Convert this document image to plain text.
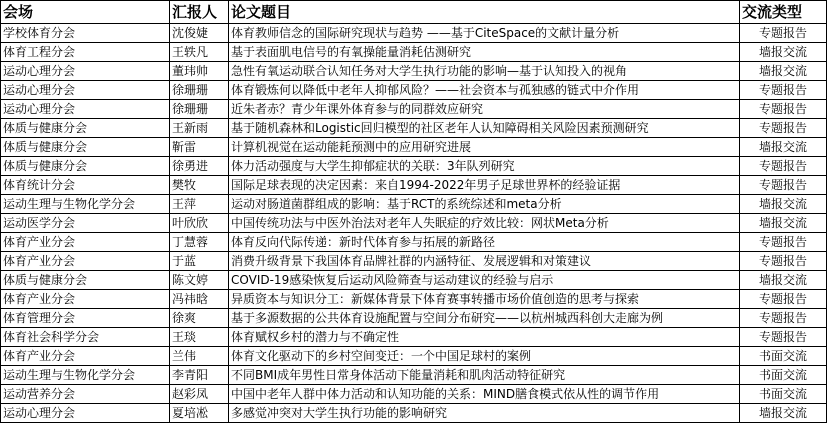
会场	汇报人	论文题目	交流类型
学校体育分会	沈俊婕	体育教师信念的国际研究现状与趋势 ——基于CiteSpace的文献计量分析	专题报告
体育工程分会	王轶凡	基于表面肌电信号的有氧操能量消耗估测研究	墙报交流
运动心理分会	董玮帅	急性有氧运动联合认知任务对大学生执行功能的影响—基于认知投入的视角	墙报交流
运动心理分会	徐珊珊	体育锻炼何以降低中老年人抑郁风险？——社会资本与孤独感的链式中介作用	专题报告
运动心理分会	徐珊珊	近朱者赤？青少年课外体育参与的同群效应研究	专题报告
体质与健康分会	王新雨	基于随机森林和Logistic回归模型的社区老年人认知障碍相关风险因素预测研究	专题报告
体质与健康分会	靳雷	计算机视觉在运动能耗预测中的应用研究进展	墙报交流
体质与健康分会	徐勇进	体力活动强度与大学生抑郁症状的关联：3年队列研究	专题报告
体育统计分会	樊牧	国际足球表现的决定因素：来自1994-2022年男子足球世界杯的经验证据	专题报告
运动生理与生物化学分会	王萍	运动对肠道菌群组成的影响：基于RCT的系统综述和meta分析	墙报交流
运动医学分会	叶欣欣	中国传统功法与中医外治法对老年人失眠症的疗效比较：网状Meta分析	墙报交流
体育产业分会	丁慧蓉	体育反向代际传递：新时代体育参与拓展的新路径	专题报告
体育产业分会	于蓝	消费升级背景下我国体育品牌社群的内涵特征、发展逻辑和对策建议	专题报告
体质与健康分会	陈文婷	COVID-19感染恢复后运动风险筛查与运动建议的经验与启示	墙报交流
体育产业分会	冯祎晗	异质资本与知识分工：新媒体背景下体育赛事转播市场价值创造的思考与探索	专题报告
体育管理分会	徐爽	基于多源数据的公共体育设施配置与空间分布研究——以杭州城西科创大走廊为例	专题报告
体育社会科学分会	王琰	体育赋权乡村的潜力与不确定性	专题报告
体育产业分会	兰伟	体育文化驱动下的乡村空间变迁：一个中国足球村的案例	书面交流
运动生理与生物化学分会	李青阳	不同BMI成年男性日常身体活动下能量消耗和肌肉活动特征研究	书面交流
运动营养分会	赵彩凤	中国中老年人群中体力活动和认知功能的关系：MIND膳食模式依从性的调节作用	书面交流
运动心理分会	夏培凇	多感觉冲突对大学生执行功能的影响研究	墙报交流
